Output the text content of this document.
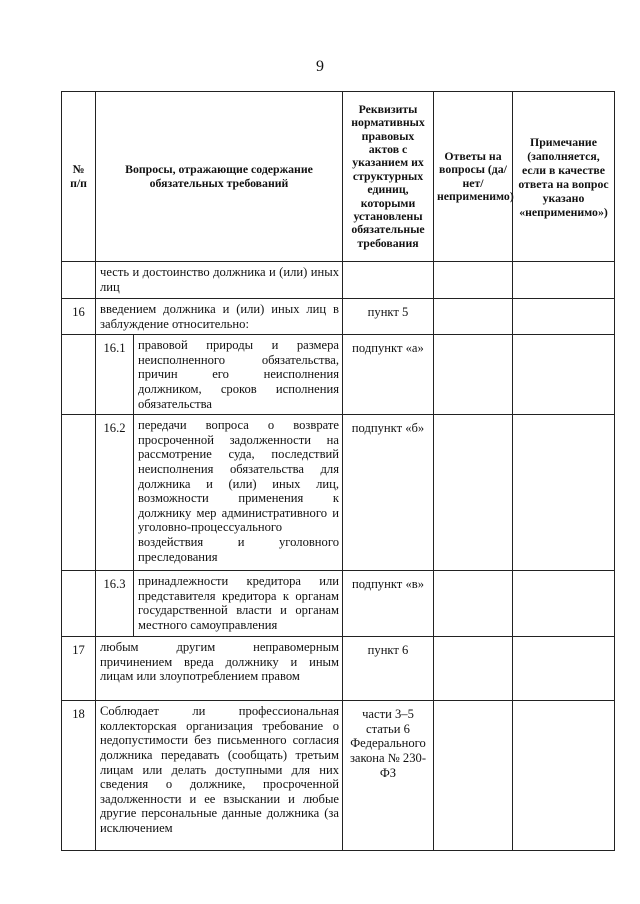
9
№
п/п	Вопросы, отражающие содержание обязательных требований	Реквизиты нормативных правовых актов с указанием их структурных единиц, которыми установлены обязательные требования	Ответы на вопросы (да/нет/ неприменимо)	Примечание (заполняется, если в качестве ответа на вопрос указано «неприменимо»)
	честь и достоинство должника и (или) иных лиц			
16	введением должника и (или) иных лиц в заблуждение относительно:	пункт 5		

	16.1 правовой природы и размера неисполненного обязательства, причин его неисполнения должником, сроков исполнения обязательства	подпункт «а»		

	16.2 передачи вопроса о возврате просроченной задолженности на рассмотрение суда, последствий неисполнения обязательства для должника и (или) иных лиц, возможности применения к должнику мер административного и уголовно-процессуального воздействия и уголовного преследования	подпункт «б»		

	16.3 принадлежности кредитора или представителя кредитора к органам государственной власти и органам местного самоуправления	подпункт «в»		
17	любым другим неправомерным причинением вреда должнику и иным лицам или злоупотреблением правом	пункт 6		
18	Соблюдает ли профессиональная коллекторская организация требование о недопустимости без письменного согласия должника передавать (сообщать) третьим лицам или делать доступными для них сведения о должнике, просроченной задолженности и ее взыскании и любые другие персональные данные должника (за исключением	части 3–5 статьи 6 Федерального закона № 230-ФЗ		
